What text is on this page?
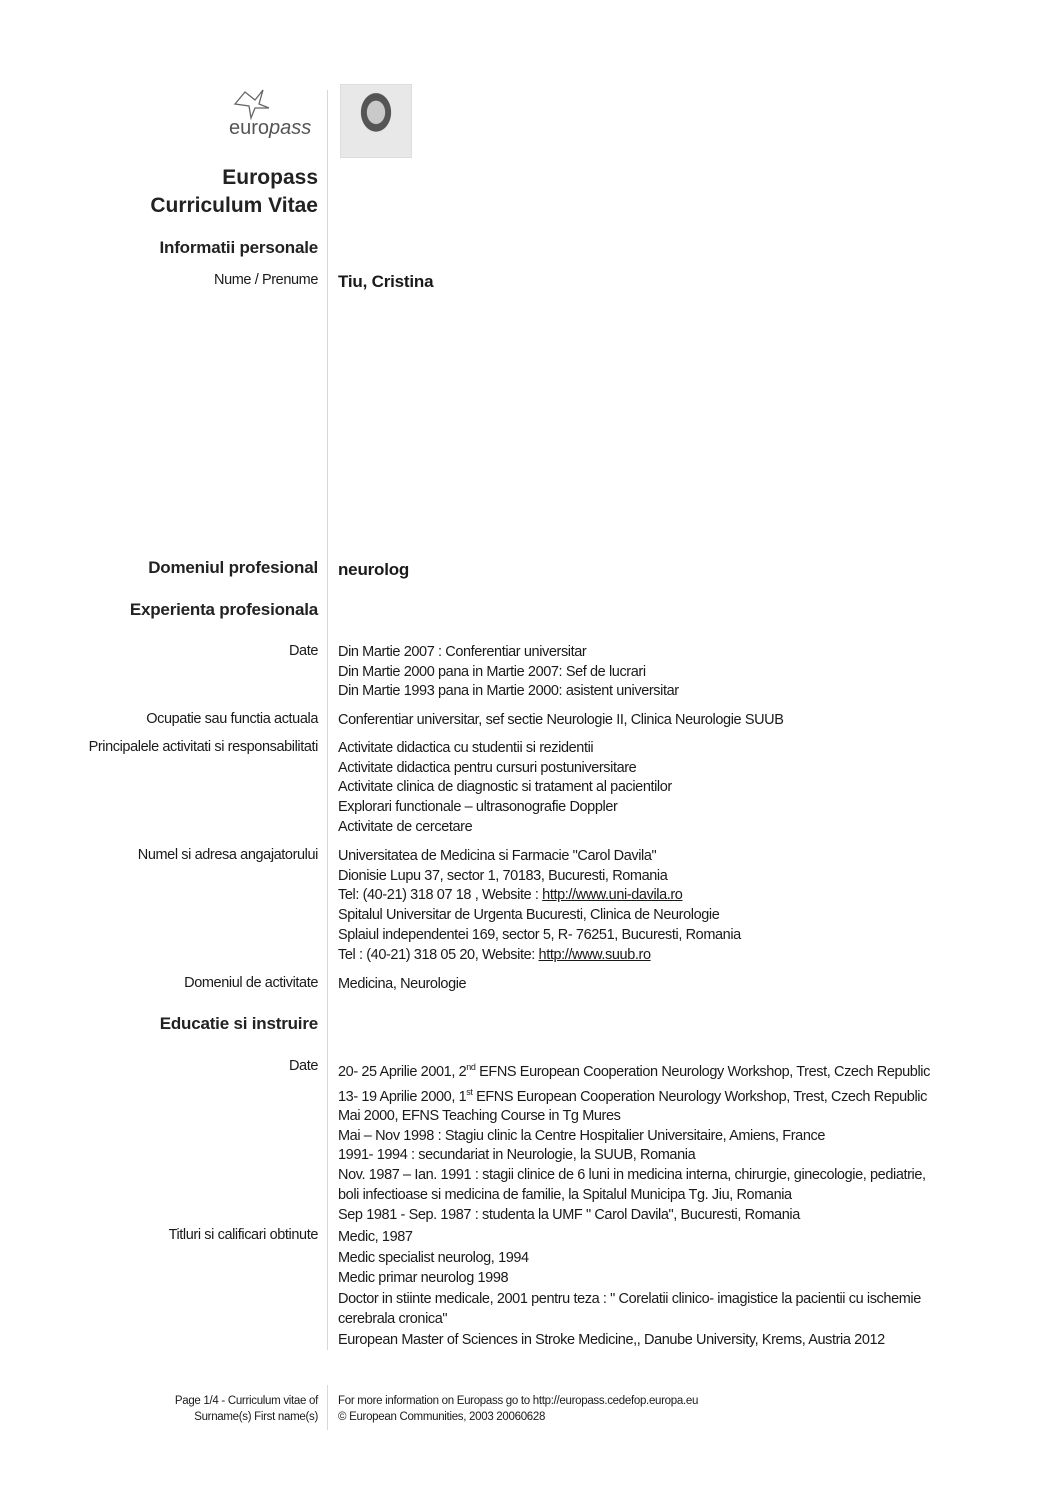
europass
Europass
Curriculum Vitae
Informatii personale
Nume / Prenume Tiu, Cristina
Domeniul profesional neurolog
Experienta profesionala
Date Din Martie 2007 : Conferentiar universitar
Din Martie 2000 pana in Martie 2007: Sef de lucrari
Din Martie 1993 pana in Martie 2000: asistent universitar
Ocupatie sau functia actuala Conferentiar universitar, sef sectie Neurologie II, Clinica Neurologie SUUB
Principalele activitati si responsabilitati Activitate didactica cu studentii si rezidentii
Activitate didactica pentru cursuri postuniversitare
Activitate clinica de diagnostic si tratament al pacientilor
Explorari functionale – ultrasonografie Doppler
Activitate de cercetare
Numel si adresa angajatorului Universitatea de Medicina si Farmacie "Carol Davila"
Dionisie Lupu 37, sector 1, 70183, Bucuresti, Romania
Tel: (40-21) 318 07 18 , Website : http://www.uni-davila.ro
Spitalul Universitar de Urgenta Bucuresti, Clinica de Neurologie
Splaiul independentei 169, sector 5, R- 76251, Bucuresti, Romania
Tel : (40-21) 318 05 20, Website: http://www.suub.ro
Domeniul de activitate Medicina, Neurologie
Educatie si instruire
Date 20- 25 Aprilie 2001, 2nd EFNS European Cooperation Neurology Workshop, Trest, Czech Republic
13- 19 Aprilie 2000, 1st EFNS European Cooperation Neurology Workshop, Trest, Czech Republic
Mai 2000, EFNS Teaching Course in Tg Mures
Mai – Nov 1998 : Stagiu clinic la Centre Hospitalier Universitaire, Amiens, France
1991- 1994 : secundariat in Neurologie, la SUUB, Romania
Nov. 1987 – Ian. 1991 : stagii clinice de 6 luni in medicina interna, chirurgie, ginecologie, pediatrie,
boli infectioase si medicina de familie, la Spitalul Municipa Tg. Jiu, Romania
Sep 1981 - Sep. 1987 : studenta la UMF " Carol Davila", Bucuresti, Romania
Titluri si calificari obtinute Medic, 1987
Medic specialist neurolog, 1994
Medic primar neurolog 1998
Doctor in stiinte medicale, 2001 pentru teza : " Corelatii clinico- imagistice la pacientii cu ischemie
cerebrala cronica"
European Master of Sciences in Stroke Medicine,, Danube University, Krems, Austria 2012
Page 1/4 - Curriculum vitae of
Surname(s) First name(s)
For more information on Europass go to http://europass.cedefop.europa.eu
© European Communities, 2003 20060628
